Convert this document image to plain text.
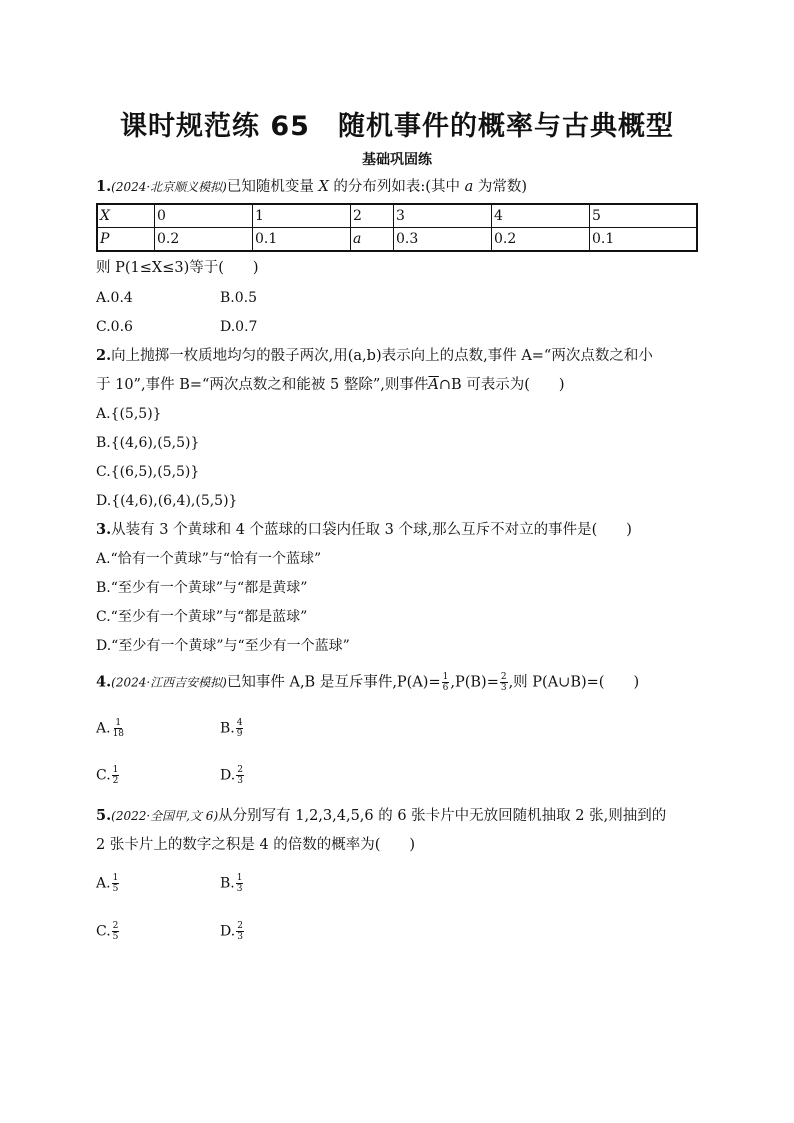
课时规范练 65　随机事件的概率与古典概型
基础巩固练
1.(2024·北京顺义模拟)已知随机变量 X 的分布列如表:(其中 a 为常数)
X	0	1	2	3	4	5
P	0.2	0.1	a	0.3	0.2	0.1
则 P(1≤X≤3)等于(　　)
A.0.4	B.0.5
C.0.6	D.0.7
2.向上抛掷一枚质地均匀的骰子两次,用(a,b)表示向上的点数,事件 A=“两次点数之和小
于 10”,事件 B=“两次点数之和能被 5 整除”,则事件$\overline{A}\cap B$ 可表示为(　　)
A.{(5,5)}
B.{(4,6),(5,5)}
C.{(6,5),(5,5)}
D.{(4,6),(6,4),(5,5)}
3.从装有 3 个黄球和 4 个蓝球的口袋内任取 3 个球,那么互斥不对立的事件是(　　)
A.“恰有一个黄球”与“恰有一个蓝球”
B.“至少有一个黄球”与“都是黄球”
C.“至少有一个黄球”与“都是蓝球”
D.“至少有一个黄球”与“至少有一个蓝球”
4.(2024·江西吉安模拟)已知事件 A,B 是互斥事件$,P(A)= \frac{1}{6} ,P(B)= \frac{2}{3}$ ,则 P(A∪B)=(　　)
A. $\frac{1}{18}$	B. $\frac{4}{9}$
C. $\frac{1}{2}$	D. $\frac{2}{3}$
5.(2022·全国甲,文 6)从分别写有 1,2,3,4,5,6 的 6 张卡片中无放回随机抽取 2 张,则抽到的
2 张卡片上的数字之积是 4 的倍数的概率为(　　)
A. $\frac{1}{5}$	B. $\frac{1}{3}$
C. $\frac{2}{5}$	D. $\frac{2}{3}$
